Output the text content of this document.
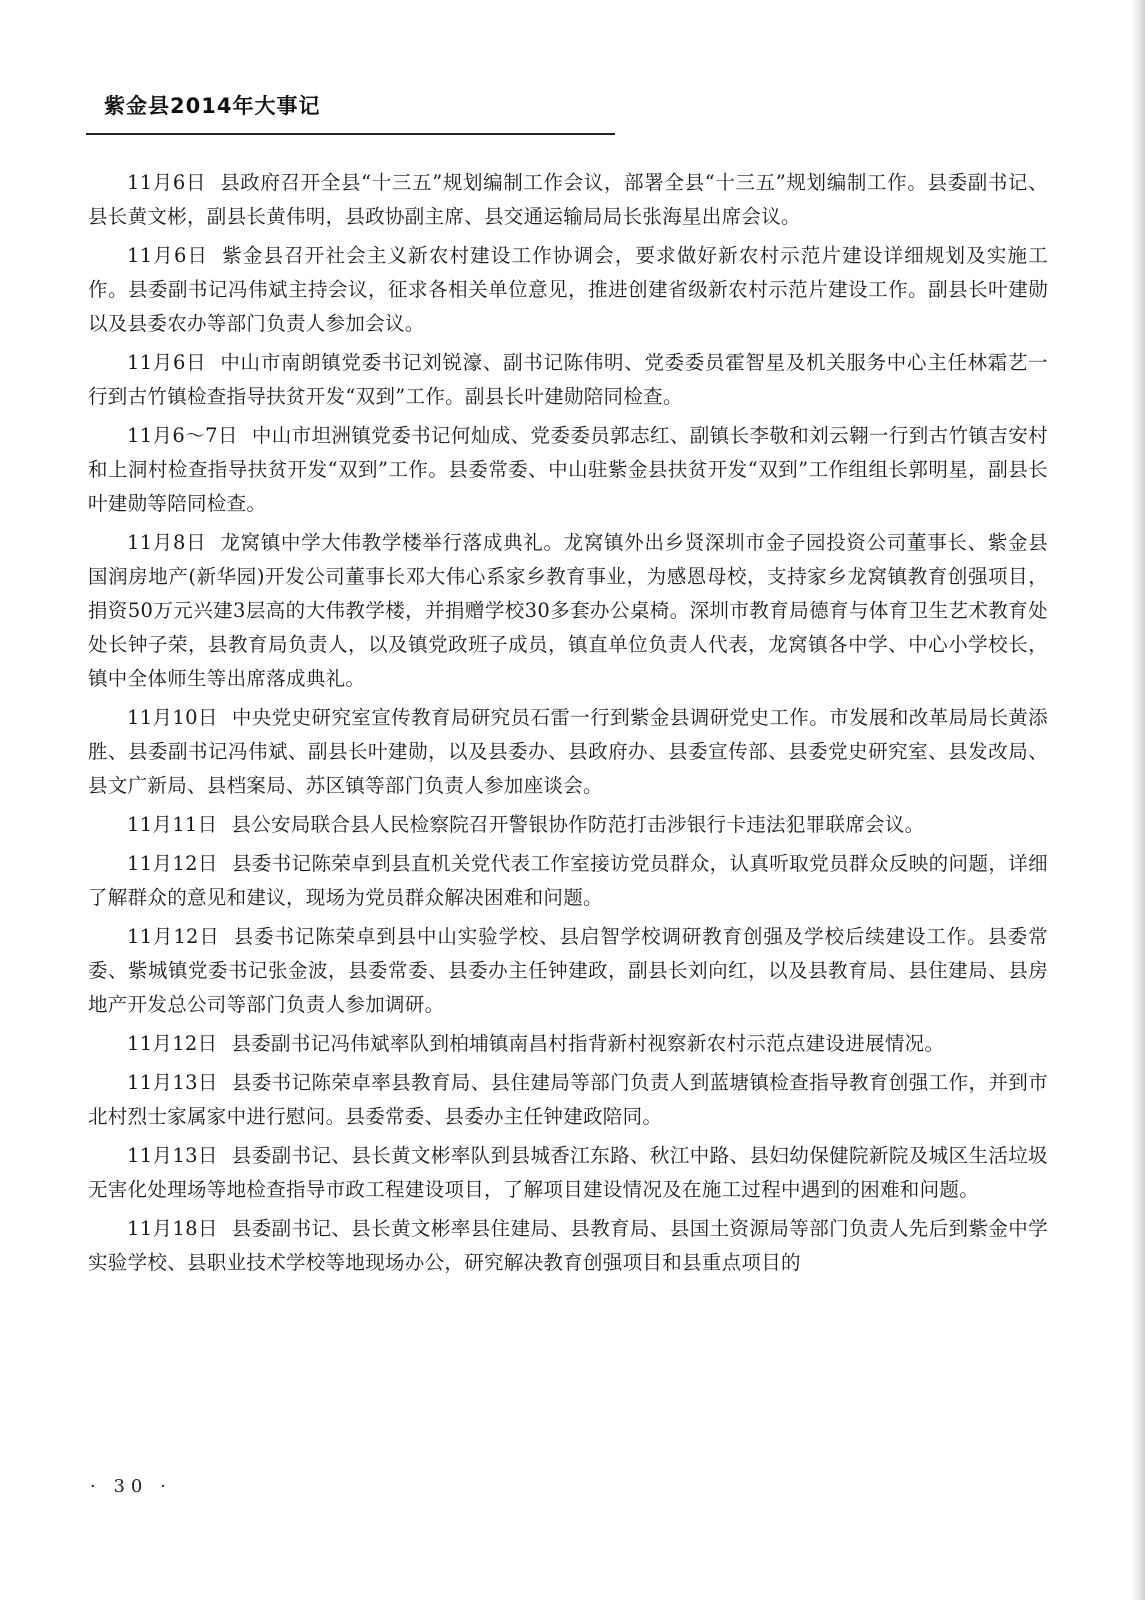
紫金县2014年大事记

11月6日 县政府召开全县“十三五”规划编制工作会议，部署全县“十三五”规划编制工作。县委副书记、县长黄文彬，副县长黄伟明，县政协副主席、县交通运输局局长张海星出席会议。

11月6日 紫金县召开社会主义新农村建设工作协调会，要求做好新农村示范片建设详细规划及实施工作。县委副书记冯伟斌主持会议，征求各相关单位意见，推进创建省级新农村示范片建设工作。副县长叶建勋以及县委农办等部门负责人参加会议。

11月6日 中山市南朗镇党委书记刘锐濠、副书记陈伟明、党委委员霍智星及机关服务中心主任林霜艺一行到古竹镇检查指导扶贫开发“双到”工作。副县长叶建勋陪同检查。

11月6～7日 中山市坦洲镇党委书记何灿成、党委委员郭志红、副镇长李敬和刘云翱一行到古竹镇吉安村和上洞村检查指导扶贫开发“双到”工作。县委常委、中山驻紫金县扶贫开发“双到”工作组组长郭明星，副县长叶建勋等陪同检查。

11月8日 龙窝镇中学大伟教学楼举行落成典礼。龙窝镇外出乡贤深圳市金子园投资公司董事长、紫金县国润房地产(新华园)开发公司董事长邓大伟心系家乡教育事业，为感恩母校，支持家乡龙窝镇教育创强项目，捐资50万元兴建3层高的大伟教学楼，并捐赠学校30多套办公桌椅。深圳市教育局德育与体育卫生艺术教育处处长钟子荣，县教育局负责人，以及镇党政班子成员，镇直单位负责人代表，龙窝镇各中学、中心小学校长，镇中全体师生等出席落成典礼。

11月10日 中央党史研究室宣传教育局研究员石雷一行到紫金县调研党史工作。市发展和改革局局长黄添胜、县委副书记冯伟斌、副县长叶建勋，以及县委办、县政府办、县委宣传部、县委党史研究室、县发改局、县文广新局、县档案局、苏区镇等部门负责人参加座谈会。

11月11日 县公安局联合县人民检察院召开警银协作防范打击涉银行卡违法犯罪联席会议。

11月12日 县委书记陈荣卓到县直机关党代表工作室接访党员群众，认真听取党员群众反映的问题，详细了解群众的意见和建议，现场为党员群众解决困难和问题。

11月12日 县委书记陈荣卓到县中山实验学校、县启智学校调研教育创强及学校后续建设工作。县委常委、紫城镇党委书记张金波，县委常委、县委办主任钟建政，副县长刘向红，以及县教育局、县住建局、县房地产开发总公司等部门负责人参加调研。

11月12日 县委副书记冯伟斌率队到柏埔镇南昌村指背新村视察新农村示范点建设进展情况。

11月13日 县委书记陈荣卓率县教育局、县住建局等部门负责人到蓝塘镇检查指导教育创强工作，并到市北村烈士家属家中进行慰问。县委常委、县委办主任钟建政陪同。

11月13日 县委副书记、县长黄文彬率队到县城香江东路、秋江中路、县妇幼保健院新院及城区生活垃圾无害化处理场等地检查指导市政工程建设项目，了解项目建设情况及在施工过程中遇到的困难和问题。

11月18日 县委副书记、县长黄文彬率县住建局、县教育局、县国土资源局等部门负责人先后到紫金中学实验学校、县职业技术学校等地现场办公，研究解决教育创强项目和县重点项目的

· 30 ·
